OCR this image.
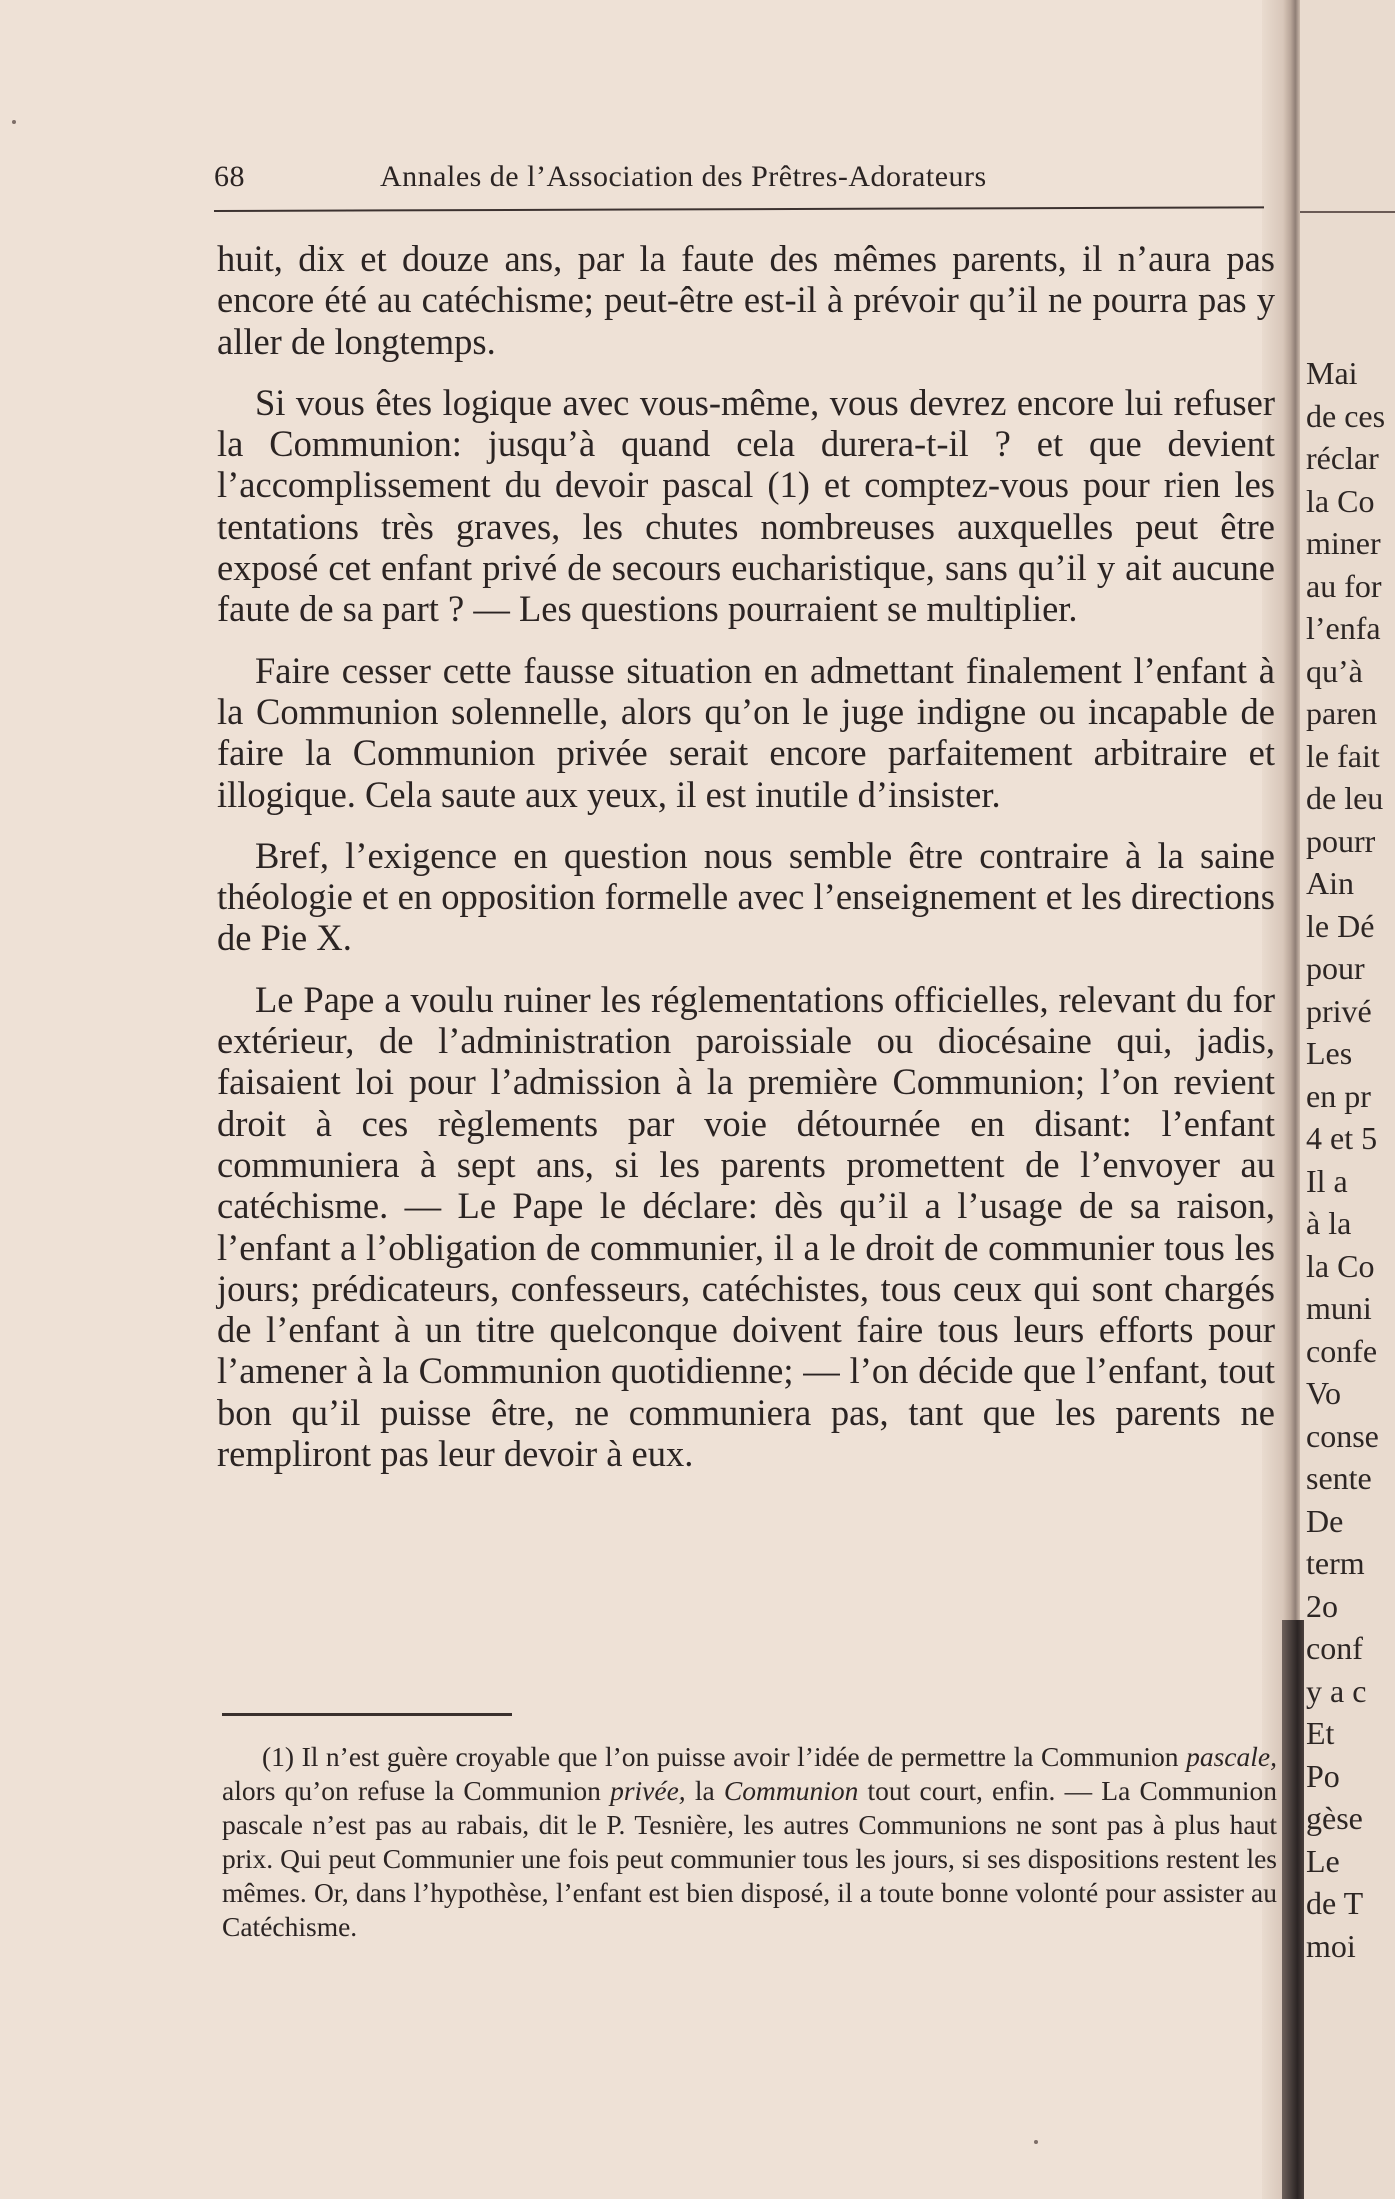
Mai
de ces
réclar
la Co
miner
au for
l’enfa
qu’à
paren
le fait
de leu
pourr
Ain
le Dé
pour
privé
Les
en pr
4 et 5
Il a
à la
la Co
muni
confe
Vo
conse
sente
De
term
2o
conf
y a c
Et
Po
gèse
Le
de T
moi
68	Annales de l’Association des Prêtres-Adorateurs

huit, dix et douze ans, par la faute des mêmes parents, il n’aura pas encore été au catéchisme; peut-être est-il à prévoir qu’il ne pourra pas y aller de longtemps.

Si vous êtes logique avec vous-même, vous devrez encore lui refuser la Communion: jusqu’à quand cela durera-t-il ? et que devient l’accomplissement du devoir pascal (1) et comptez-vous pour rien les tentations très graves, les chutes nombreuses auxquelles peut être exposé cet enfant privé de secours eucharistique, sans qu’il y ait aucune faute de sa part ? — Les questions pourraient se multiplier.

Faire cesser cette fausse situation en admettant finalement l’enfant à la Communion solennelle, alors qu’on le juge indigne ou incapable de faire la Communion privée serait encore parfaitement arbitraire et illogique. Cela saute aux yeux, il est inutile d’insister.

Bref, l’exigence en question nous semble être contraire à la saine théologie et en opposition formelle avec l’enseignement et les directions de Pie X.

Le Pape a voulu ruiner les réglementations officielles, relevant du for extérieur, de l’administration paroissiale ou diocésaine qui, jadis, faisaient loi pour l’admission à la première Communion; l’on revient droit à ces règlements par voie détournée en disant: l’enfant communiera à sept ans, si les parents promettent de l’envoyer au catéchisme. — Le Pape le déclare: dès qu’il a l’usage de sa raison, l’enfant a l’obligation de communier, il a le droit de communier tous les jours; prédicateurs, confesseurs, catéchistes, tous ceux qui sont chargés de l’enfant à un titre quelconque doivent faire tous leurs efforts pour l’amener à la Communion quotidienne; — l’on décide que l’enfant, tout bon qu’il puisse être, ne communiera pas, tant que les parents ne rempliront pas leur devoir à eux.

(1) Il n’est guère croyable que l’on puisse avoir l’idée de permettre la Communion pascale, alors qu’on refuse la Communion privée, la Communion tout court, enfin. — La Communion pascale n’est pas au rabais, dit le P. Tesnière, les autres Communions ne sont pas à plus haut prix. Qui peut Communier une fois peut communier tous les jours, si ses dispositions restent les mêmes. Or, dans l’hypothèse, l’enfant est bien disposé, il a toute bonne volonté pour assister au Catéchisme.
